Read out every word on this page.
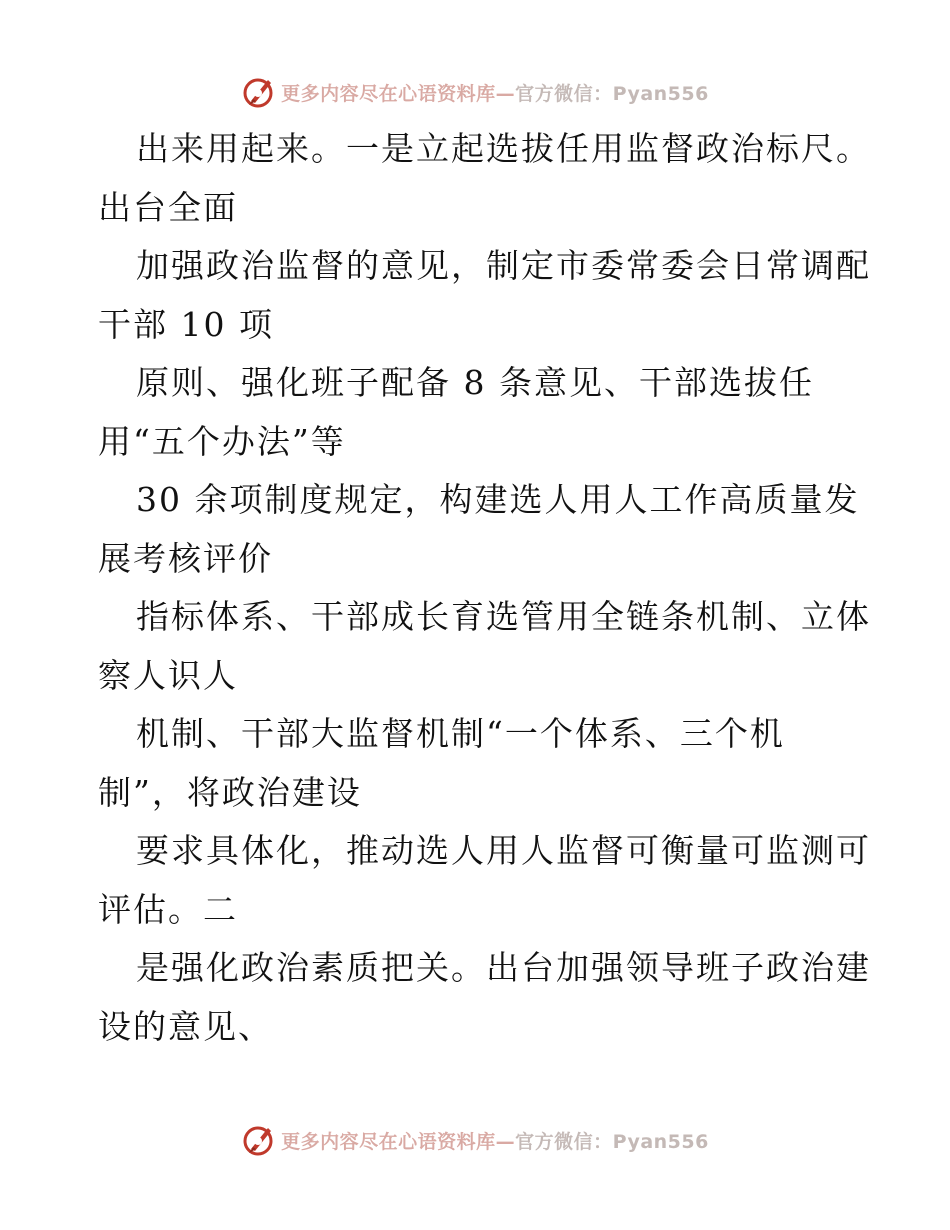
更多内容尽在心语资料库—官方微信：Pyan556
出来用起来。一是立起选拔任用监督政治标尺。
出台全面
加强政治监督的意见，制定市委常委会日常调配
干部 10 项
原则、强化班子配备 8 条意见、干部选拔任
用“五个办法”等
30 余项制度规定，构建选人用人工作高质量发
展考核评价
指标体系、干部成长育选管用全链条机制、立体
察人识人
机制、干部大监督机制“一个体系、三个机
制”，将政治建设
要求具体化，推动选人用人监督可衡量可监测可
评估。二
是强化政治素质把关。出台加强领导班子政治建
设的意见、
更多内容尽在心语资料库—官方微信：Pyan556
